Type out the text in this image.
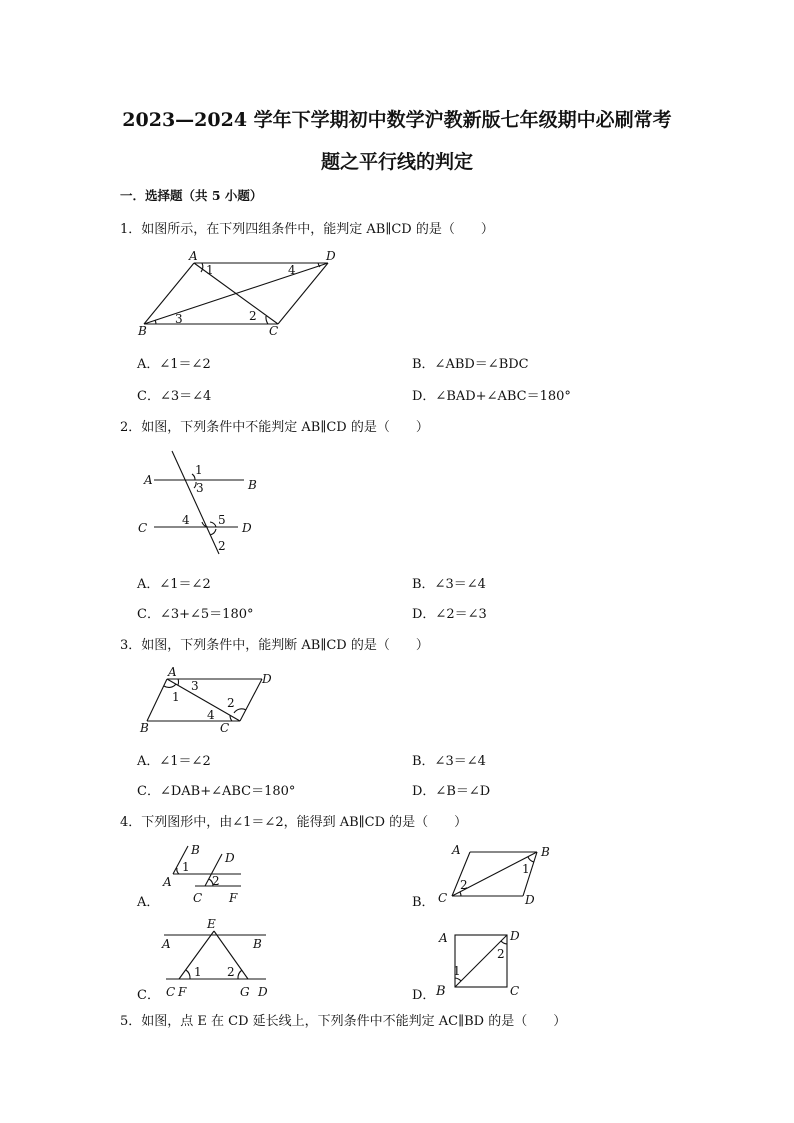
2023—2024 学年下学期初中数学沪教新版七年级期中必刷常考
题之平行线的判定
一．选择题（共 5 小题）
1．如图所示，在下列四组条件中，能判定 AB∥CD 的是（　　）
A	D
B	C
1
2
3
4
A．∠1＝∠2	B．∠ABD＝∠BDC
C．∠3＝∠4	D．∠BAD+∠ABC＝180°
2．如图，下列条件中不能判定 AB∥CD 的是（　　）
A	B
C	D
1
3
4 5
2
A．∠1＝∠2	B．∠3＝∠4
C．∠3+∠5＝180°	D．∠2＝∠3
3．如图，下列条件中，能判断 AB∥CD 的是（　　）
A	D
B	C
1	2
3
4
A．∠1＝∠2	B．∠3＝∠4
C．∠DAB+∠ABC＝180°	D．∠B＝∠D
4．下列图形中，由∠1＝∠2，能得到 AB∥CD 的是（　　）
A．
A
B
C
D
F
1
2
B．
A	B
C	D
2
1
C．
E
A	B
C F	G D
1 2
D．
A	D
C
1
2
B
5．如图，点 E 在 CD 延长线上，下列条件中不能判定 AC∥BD 的是（　　）
